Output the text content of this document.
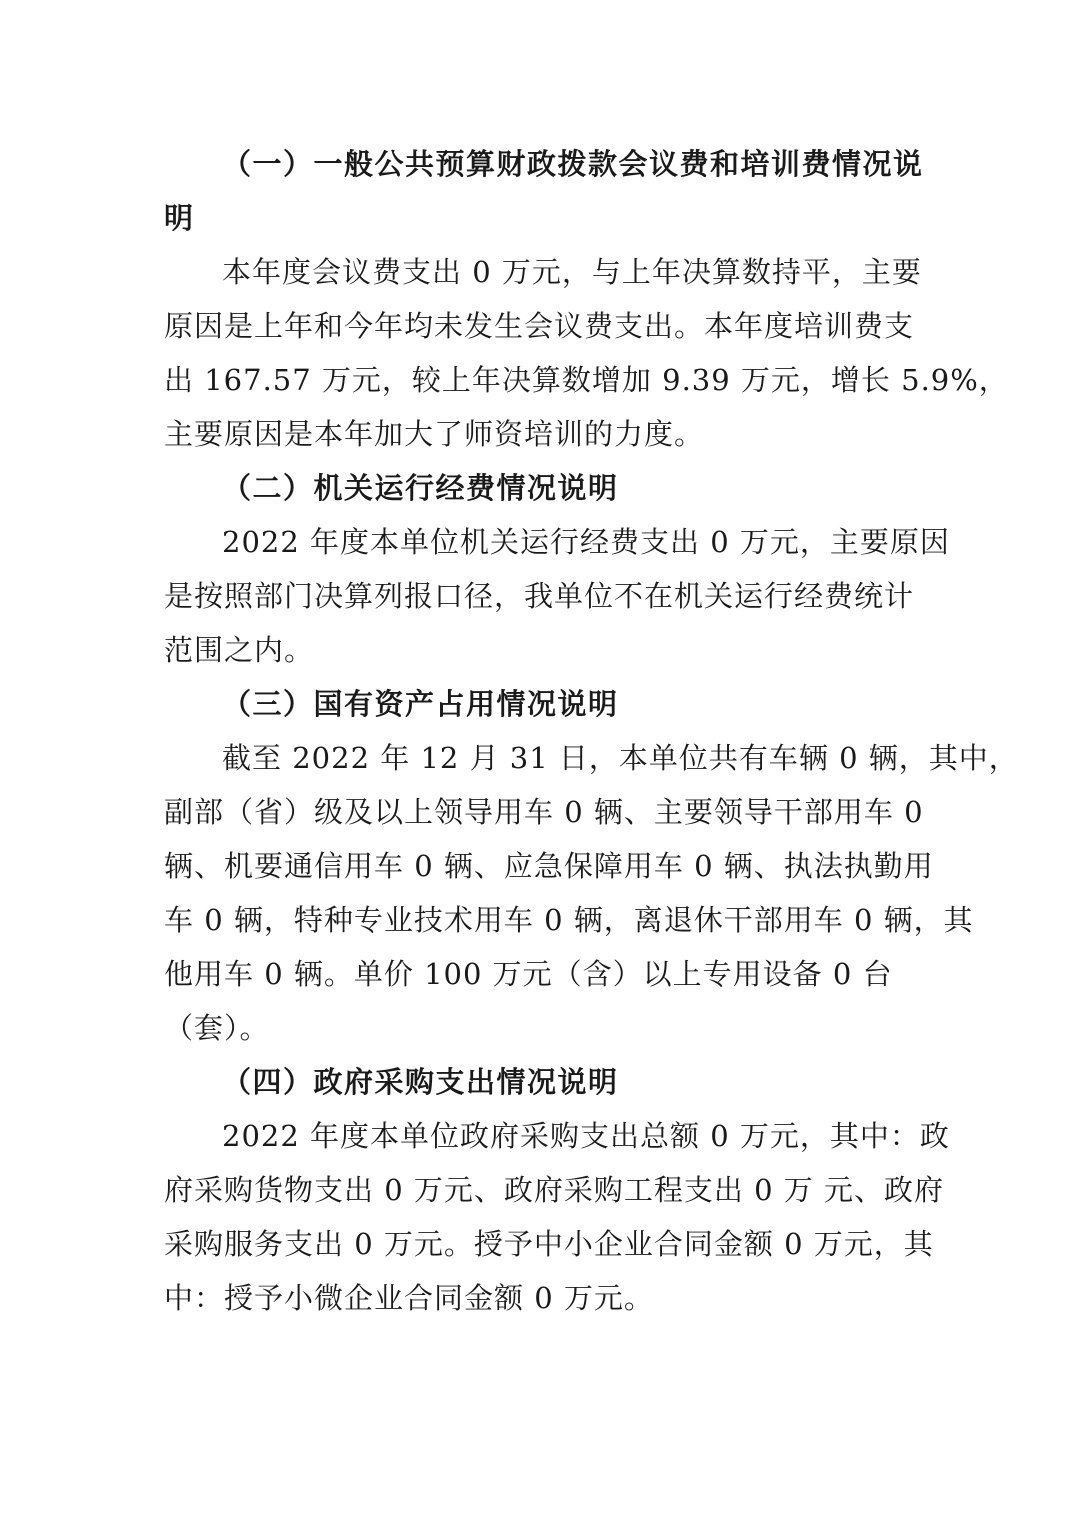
（一）一般公共预算财政拨款会议费和培训费情况说
明
本年度会议费支出 0 万元，与上年决算数持平，主要
原因是上年和今年均未发生会议费支出。本年度培训费支
出 167.57 万元，较上年决算数增加 9.39 万元，增长 5.9%，
主要原因是本年加大了师资培训的力度。
（二）机关运行经费情况说明
2022 年度本单位机关运行经费支出 0 万元，主要原因
是按照部门决算列报口径，我单位不在机关运行经费统计
范围之内。
（三）国有资产占用情况说明
截至 2022 年 12 月 31 日，本单位共有车辆 0 辆，其中，
副部（省）级及以上领导用车 0 辆、主要领导干部用车 0
辆、机要通信用车 0 辆、应急保障用车 0 辆、执法执勤用
车 0 辆，特种专业技术用车 0 辆，离退休干部用车 0 辆，其
他用车 0 辆。单价 100 万元（含）以上专用设备 0 台
（套）。
（四）政府采购支出情况说明
2022 年度本单位政府采购支出总额 0 万元，其中：政
府采购货物支出 0 万元、政府采购工程支出 0 万 元、政府
采购服务支出 0 万元。授予中小企业合同金额 0 万元，其
中：授予小微企业合同金额 0 万元。
